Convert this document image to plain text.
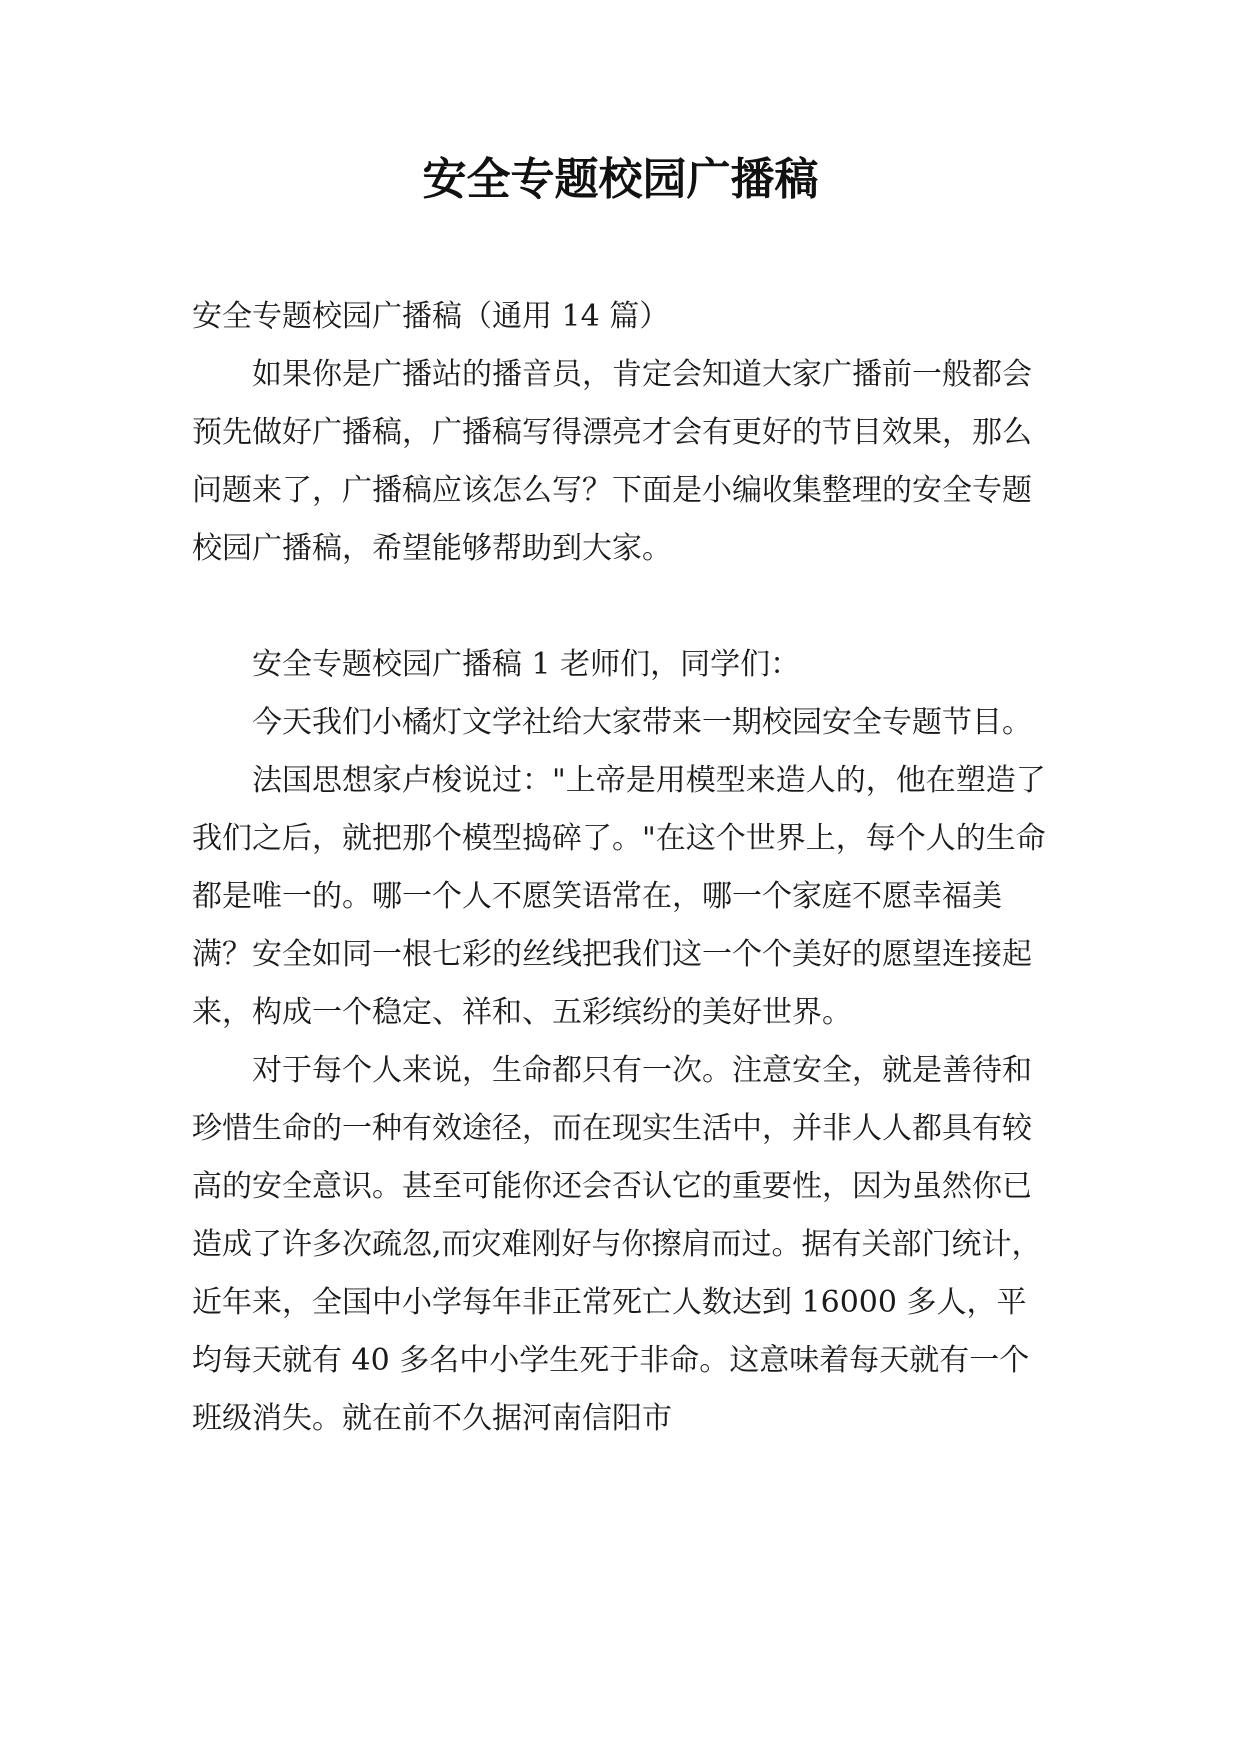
安全专题校园广播稿

安全专题校园广播稿（通用 14 篇）

如果你是广播站的播音员，肯定会知道大家广播前一般都会预先做好广播稿，广播稿写得漂亮才会有更好的节目效果，那么问题来了，广播稿应该怎么写？下面是小编收集整理的安全专题校园广播稿，希望能够帮助到大家。

安全专题校园广播稿 1 老师们，同学们：

今天我们小橘灯文学社给大家带来一期校园安全专题节目。

法国思想家卢梭说过："上帝是用模型来造人的，他在塑造了我们之后，就把那个模型捣碎了。"在这个世界上，每个人的生命都是唯一的。哪一个人不愿笑语常在，哪一个家庭不愿幸福美满？安全如同一根七彩的丝线把我们这一个个美好的愿望连接起来，构成一个稳定、祥和、五彩缤纷的美好世界。

对于每个人来说，生命都只有一次。注意安全，就是善待和珍惜生命的一种有效途径，而在现实生活中，并非人人都具有较高的安全意识。甚至可能你还会否认它的重要性，因为虽然你已造成了许多次疏忽,而灾难刚好与你擦肩而过。据有关部门统计，近年来，全国中小学每年非正常死亡人数达到 16000 多人，平均每天就有 40 多名中小学生死于非命。这意味着每天就有一个班级消失。就在前不久据河南信阳市
